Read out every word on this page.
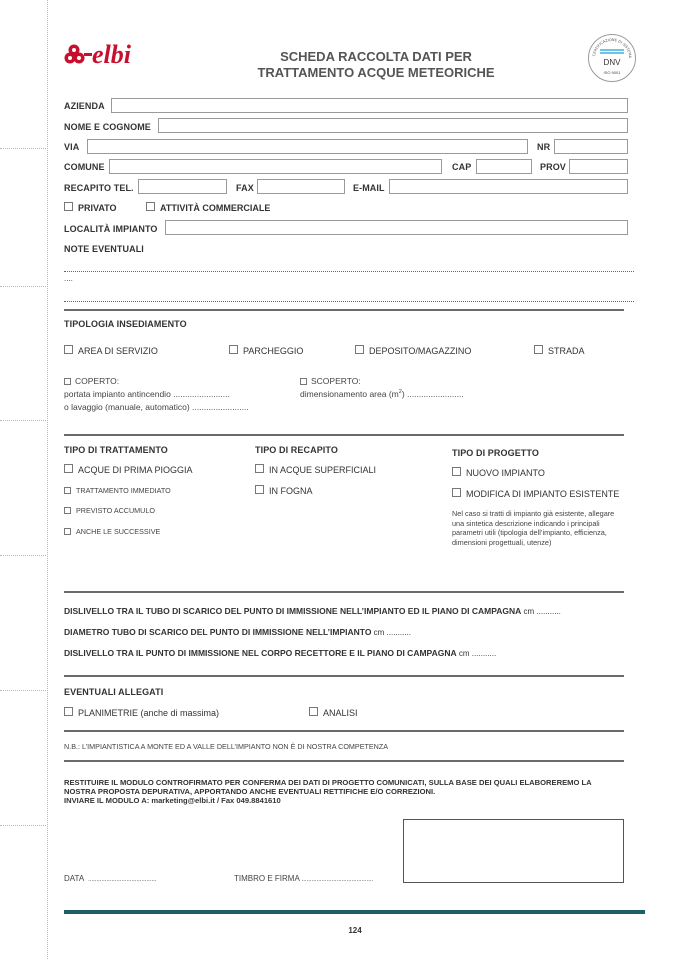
elbi	SCHEDA RACCOLTA DATI PER
TRATTAMENTO ACQUE METEORICHE
CERTIFICAZIONE DI SISTEMA
DNV
ISO 9001
AZIENDA
NOME E COGNOME
VIA	NR
COMUNE	CAP	PROV
RECAPITO TEL.	FAX	E-MAIL
PRIVATO	ATTIVITÀ COMMERCIALE
LOCALITÀ IMPIANTO
NOTE EVENTUALI
....
TIPOLOGIA INSEDIAMENTO
AREA DI SERVIZIO	PARCHEGGIO	DEPOSITO/MAGAZZINO	STRADA
COPERTO:
portata impianto antincendio ........................
o lavaggio (manuale, automatico) ........................
SCOPERTO:
dimensionamento area $(m^2)$ ........................
TIPO DI TRATTAMENTO
ACQUE DI PRIMA PIOGGIA
TRATTAMENTO IMMEDIATO
PREVISTO ACCUMULO
ANCHE LE SUCCESSIVE
TIPO DI RECAPITO
IN ACQUE SUPERFICIALI
IN FOGNA
TIPO DI PROGETTO
NUOVO IMPIANTO
MODIFICA DI IMPIANTO ESISTENTE
Nel caso si tratti di impianto già esistente, allegare
una sintetica descrizione indicando i principali
parametri utili (tipologia dell’impianto, efficienza,
dimensioni progettuali, utenze)
DISLIVELLO TRA IL TUBO DI SCARICO DEL PUNTO DI IMMISSIONE NELL’IMPIANTO ED IL PIANO DI CAMPAGNA cm ...........
DIAMETRO TUBO DI SCARICO DEL PUNTO DI IMMISSIONE NELL’IMPIANTO cm ...........
DISLIVELLO TRA IL PUNTO DI IMMISSIONE NEL CORPO RECETTORE E IL PIANO DI CAMPAGNA cm ...........
EVENTUALI ALLEGATI
PLANIMETRIE (anche di massima)	ANALISI
N.B.: L’IMPIANTISTICA A MONTE ED A VALLE DELL’IMPIANTO NON È DI NOSTRA COMPETENZA
RESTITUIRE IL MODULO CONTROFIRMATO PER CONFERMA DEI DATI DI PROGETTO COMUNICATI, SULLA BASE DEI QUALI ELABOREREMO LA
NOSTRA PROPOSTA DEPURATIVA, APPORTANDO ANCHE EVENTUALI RETTIFICHE E/O CORREZIONI.
INVIARE IL MODULO A: marketing@elbi.it / Fax 049.8841610
DATA .........................................	TIMBRO E FIRMA ...........................................
124
